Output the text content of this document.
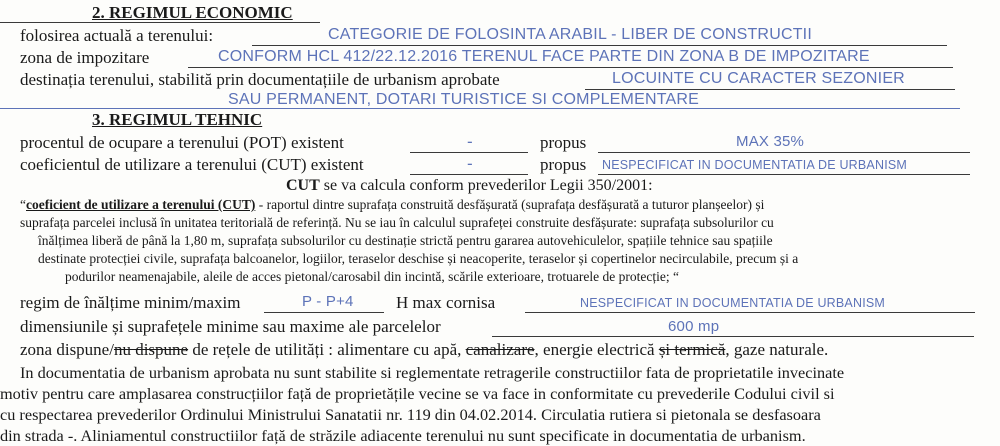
2. REGIMUL ECONOMIC
folosirea actuală a terenului:	CATEGORIE DE FOLOSINTA ARABIL - LIBER DE CONSTRUCTII
zona de impozitare	CONFORM HCL 412/22.12.2016 TERENUL FACE PARTE DIN ZONA B DE IMPOZITARE
destinația terenului, stabilită prin documentațiile de urbanism aprobate	LOCUINTE CU CARACTER SEZONIER
SAU PERMANENT, DOTARI TURISTICE SI COMPLEMENTARE
3. REGIMUL TEHNIC
procentul de ocupare a terenului (POT) existent	-	propus	MAX 35%
coeficientul de utilizare a terenului (CUT) existent	-	propus NESPECIFICAT IN DOCUMENTATIA DE URBANISM
CUT se va calcula conform prevederilor Legii 350/2001:
“coeficient de utilizare a terenului (CUT) - raportul dintre suprafața construită desfășurată (suprafața desfășurată a tuturor planșeelor) și
suprafața parcelei inclusă în unitatea teritorială de referință. Nu se iau în calculul suprafeței construite desfășurate: suprafața subsolurilor cu
înălțimea liberă de până la 1,80 m, suprafața subsolurilor cu destinație strictă pentru gararea autovehiculelor, spațiile tehnice sau spațiile
destinate protecției civile, suprafața balcoanelor, logiilor, teraselor deschise și neacoperite, teraselor și copertinelor necirculabile, precum și a
podurilor neamenajabile, aleile de acces pietonal/carosabil din incintă, scările exterioare, trotuarele de protecție; “
regim de înălțime minim/maxim	P - P+4 H max cornisa	NESPECIFICAT IN DOCUMENTATIA DE URBANISM
dimensiunile și suprafețele minime sau maxime ale parcelelor	600 mp
zona dispune/nu dispune de rețele de utilități : alimentare cu apă, canalizare, energie electrică și termică, gaze naturale.
In documentatia de urbanism aprobata nu sunt stabilite si reglementate retragerile constructiilor fata de proprietatile invecinate
motiv pentru care amplasarea construcțiilor față de proprietățile vecine se va face in conformitate cu prevederile Codului civil si
cu respectarea prevederilor Ordinului Ministrului Sanatatii nr. 119 din 04.02.2014. Circulatia rutiera si pietonala se desfasoara
din strada -. Aliniamentul constructiilor față de străzile adiacente terenului nu sunt specificate in documentatia de urbanism.
